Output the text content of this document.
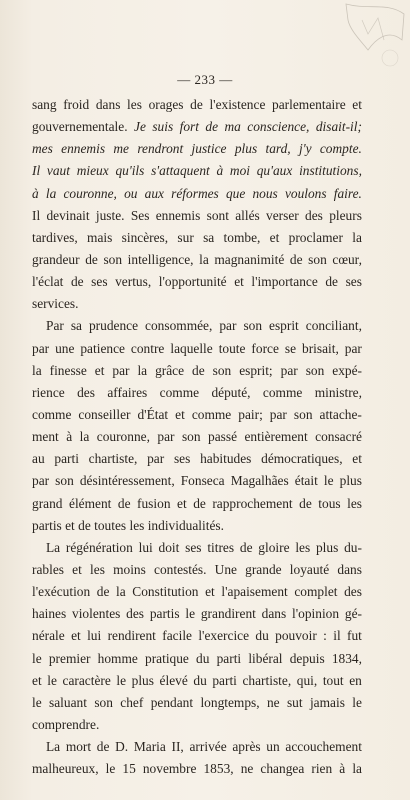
— 233 —
sang froid dans les orages de l'existence parlementaire et
gouvernementale. Je suis fort de ma conscience, disait-il;
mes ennemis me rendront justice plus tard, j'y compte.
Il vaut mieux qu'ils s'attaquent à moi qu'aux institutions,
à la couronne, ou aux réformes que nous voulons faire.
Il devinait juste. Ses ennemis sont allés verser des pleurs
tardives, mais sincères, sur sa tombe, et proclamer la
grandeur de son intelligence, la magnanimité de son cœur,
l'éclat de ses vertus, l'opportunité et l'importance de ses
services.
Par sa prudence consommée, par son esprit conciliant,
par une patience contre laquelle toute force se brisait, par
la finesse et par la grâce de son esprit; par son expé-
rience des affaires comme député, comme ministre,
comme conseiller d'État et comme pair; par son attache-
ment à la couronne, par son passé entièrement consacré
au parti chartiste, par ses habitudes démocratiques, et
par son désintéressement, Fonseca Magalhães était le plus
grand élément de fusion et de rapprochement de tous les
partis et de toutes les individualités.
La régénération lui doit ses titres de gloire les plus du-
rables et les moins contestés. Une grande loyauté dans
l'exécution de la Constitution et l'apaisement complet des
haines violentes des partis le grandirent dans l'opinion gé-
nérale et lui rendirent facile l'exercice du pouvoir : il fut
le premier homme pratique du parti libéral depuis 1834,
et le caractère le plus élevé du parti chartiste, qui, tout en
le saluant son chef pendant longtemps, ne sut jamais le
comprendre.
La mort de D. Maria II, arrivée après un accouchement
malheureux, le 15 novembre 1853, ne changea rien à la
